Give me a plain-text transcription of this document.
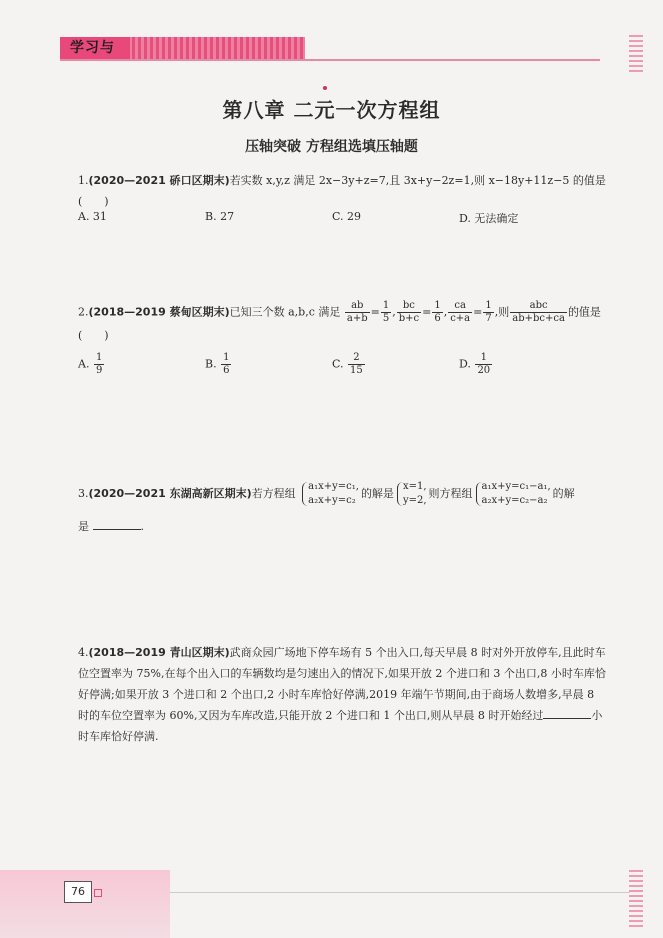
学习与
第八章 二元一次方程组
压轴突破 方程组选填压轴题
1.(2020—2021 硚口区期末)若实数 x,y,z 满足 2x−3y+z=7,且 3x+y−2z=1,则 x−18y+11z−5 的值是(　　)
A. 31	B. 27	C. 29	D. 无法确定
2.(2018—2019 蔡甸区期末)已知三个数 a,b,c 满足 $\frac{ab}{a+b} = \frac{1}{5}$ , $\frac{bc}{b+c} = \frac{1}{6}$ , $\frac{ca}{c+a} = \frac{1}{7}$ ,则 $\frac{\text{abc}}{ab+bc+ca}$ 的值是(　　)
A. $\frac{1}{9}$	B. $\frac{1}{6}$	C. $\frac{2}{15}$	D. $\frac{1}{20}$
3.(2020—2021 东湖高新区期末)若方程组
a₁x+y=c₁,
a₂x+y=c₂
的解是
x=1,
y=2,
则方程组
a₁x+y=c₁−a₁,
a₂x+y=c₂−a₂
的解
是	.
4.(2018—2019 青山区期末)武商众园广场地下停车场有 5 个出入口,每天早晨 8 时对外开放停车,且此时车位空置率为 75%,在每个出入口的车辆数均是匀速出入的情况下,如果开放 2 个进口和 3 个出口,8 小时车库恰好停满;如果开放 3 个进口和 2 个出口,2 小时车库恰好停满,2019 年端午节期间,由于商场人数增多,早晨 8 时的车位空置率为 60%,又因为车库改造,只能开放 2 个进口和 1 个出口,则从早晨 8 时开始经过	小时车库恰好停满.
76
